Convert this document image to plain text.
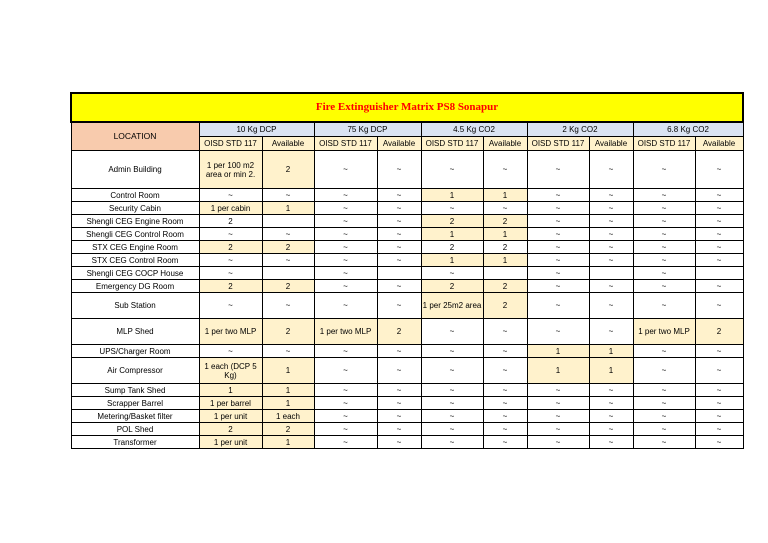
Fire Extinguisher Matrix PS8 Sonapur										
LOCATION	10 Kg DCP		75 Kg DCP		4.5 Kg CO2		2 Kg CO2		6.8 Kg CO2	
	OISD STD 117	Available	OISD STD 117	Available	OISD STD 117	Available	OISD STD 117	Available	OISD STD 117	Available
Admin Building	1 per 100 m2 area or min 2.	2	~	~	~	~	~	~	~	~
Control Room	~	~	~	~	1	1	~	~	~	~
Security Cabin	1 per cabin	1	~	~	~	~	~	~	~	~
Shengli CEG Engine Room	2		~	~	2	2	~	~	~	~
Shengli CEG Control Room	~	~	~	~	1	1	~	~	~	~
STX CEG Engine Room	2	2	~	~	2	2	~	~	~	~
STX CEG Control Room	~	~	~	~	1	1	~	~	~	~
Shengli CEG COCP House	~		~		~		~		~	
Emergency DG Room	2	2	~	~	2	2	~	~	~	~
Sub Station	~	~	~	~	1 per 25m2 area	2	~	~	~	~
MLP Shed	1 per two MLP	2	1 per two MLP	2	~	~	~	~	1 per two MLP	2
UPS/Charger Room	~	~	~	~	~	~	1	1	~	~
Air Compressor	1 each (DCP 5 Kg)	1	~	~	~	~	1	1	~	~
Sump Tank Shed	1	1	~	~	~	~	~	~	~	~
Scrapper Barrel	1 per barrel	1	~	~	~	~	~	~	~	~
Metering/Basket filter	1 per unit	1 each	~	~	~	~	~	~	~	~
POL Shed	2	2	~	~	~	~	~	~	~	~
Transformer	1 per unit	1	~	~	~	~	~	~	~	~
